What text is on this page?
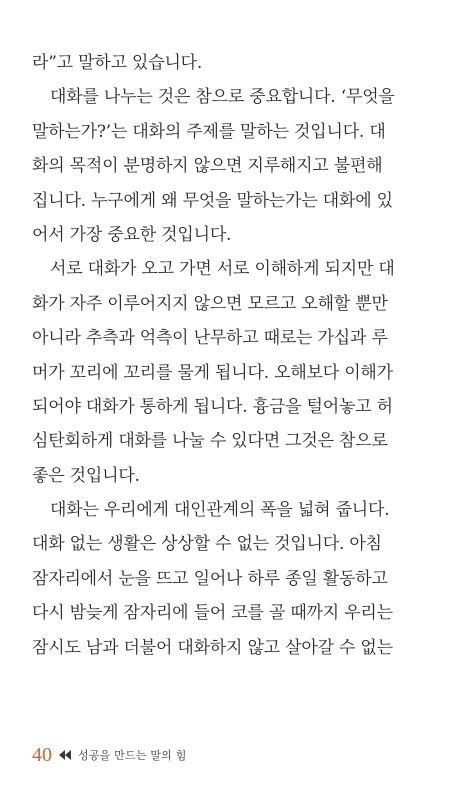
라”고 말하고 있습니다.
대화를 나누는 것은 참으로 중요합니다. ‘무엇을
말하는가?’는 대화의 주제를 말하는 것입니다. 대
화의 목적이 분명하지 않으면 지루해지고 불편해
집니다. 누구에게 왜 무엇을 말하는가는 대화에 있
어서 가장 중요한 것입니다.
서로 대화가 오고 가면 서로 이해하게 되지만 대
화가 자주 이루어지지 않으면 모르고 오해할 뿐만
아니라 추측과 억측이 난무하고 때로는 가십과 루
머가 꼬리에 꼬리를 물게 됩니다. 오해보다 이해가
되어야 대화가 통하게 됩니다. 흉금을 털어놓고 허
심탄회하게 대화를 나눌 수 있다면 그것은 참으로
좋은 것입니다.
대화는 우리에게 대인관계의 폭을 넓혀 줍니다.
대화 없는 생활은 상상할 수 없는 것입니다. 아침
잠자리에서 눈을 뜨고 일어나 하루 종일 활동하고
다시 밤늦게 잠자리에 들어 코를 골 때까지 우리는
잠시도 남과 더불어 대화하지 않고 살아갈 수 없는
40 성공을 만드는 말의 힘
